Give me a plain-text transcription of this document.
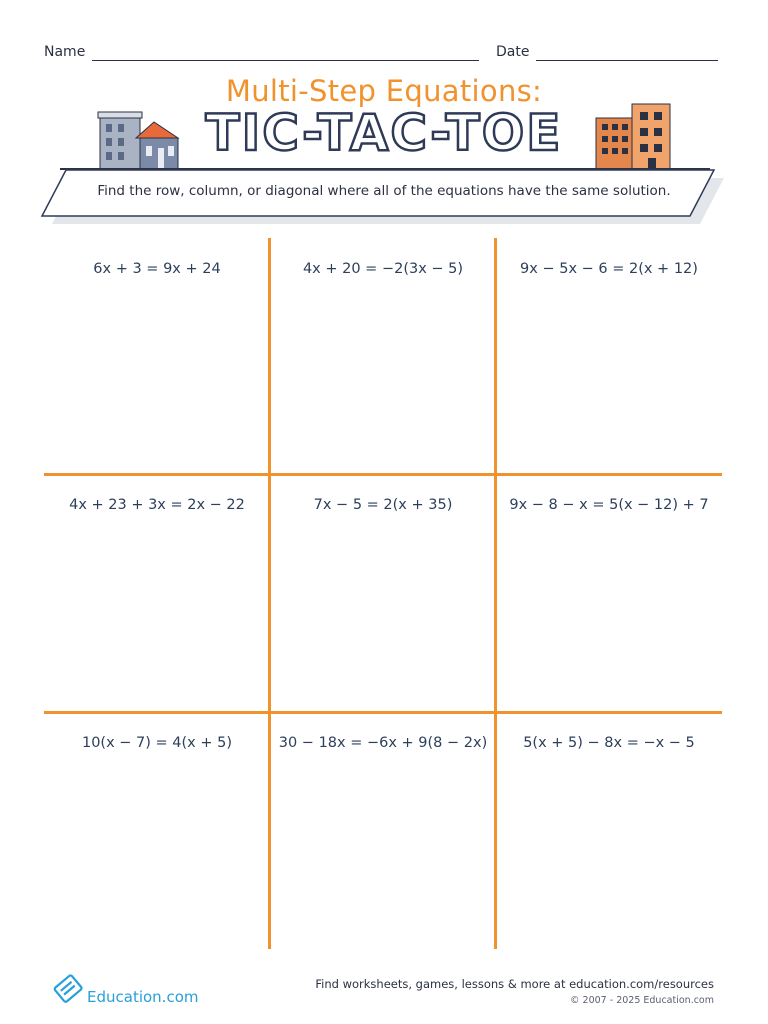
Name	Date
Multi-Step Equations:
TIC-TAC-TOE
Find the row, column, or diagonal where all of the equations have the same solution.
6x + 3 = 9x + 24	4x + 20 = −2(3x − 5)	9x − 5x − 6 = 2(x + 12)
4x + 23 + 3x = 2x − 22	7x − 5 = 2(x + 35)	9x − 8 − x = 5(x − 12) + 7
10(x − 7) = 4(x + 5)	30 − 18x = −6x + 9(8 − 2x)	5(x + 5) − 8x = −x − 5
Education.com
Find worksheets, games, lessons & more at education.com/resources
© 2007 - 2025 Education.com
